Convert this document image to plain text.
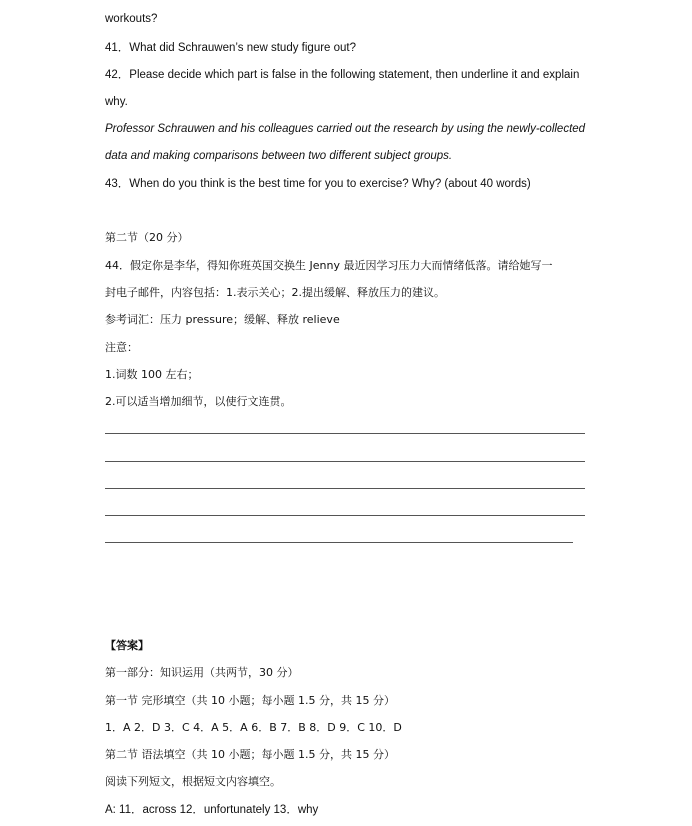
workouts?
41．What did Schrauwen’s new study figure out?
42．Please decide which part is false in the following statement, then underline it and explain
why.
Professor Schrauwen and his colleagues carried out the research by using the newly-collected
data and making comparisons between two different subject groups.
43．When do you think is the best time for you to exercise? Why? (about 40 words)
第二节（20 分）
44．假定你是李华，得知你班英国交换生 Jenny 最近因学习压力大而情绪低落。请给她写一
封电子邮件，内容包括：1.表示关心；2.提出缓解、释放压力的建议。
参考词汇：压力 pressure；缓解、释放 relieve
注意：
1.词数 100 左右；
2.可以适当增加细节，以使行文连贯。
【答案】
第一部分：知识运用（共两节，30 分）
第一节 完形填空（共 10 小题；每小题 1.5 分，共 15 分）
1．A 2．D 3．C 4．A 5．A 6．B 7．B 8．D 9．C 10．D
第二节 语法填空（共 10 小题；每小题 1.5 分，共 15 分）
阅读下列短文，根据短文内容填空。
A: 11．across 12．unfortunately 13．why
